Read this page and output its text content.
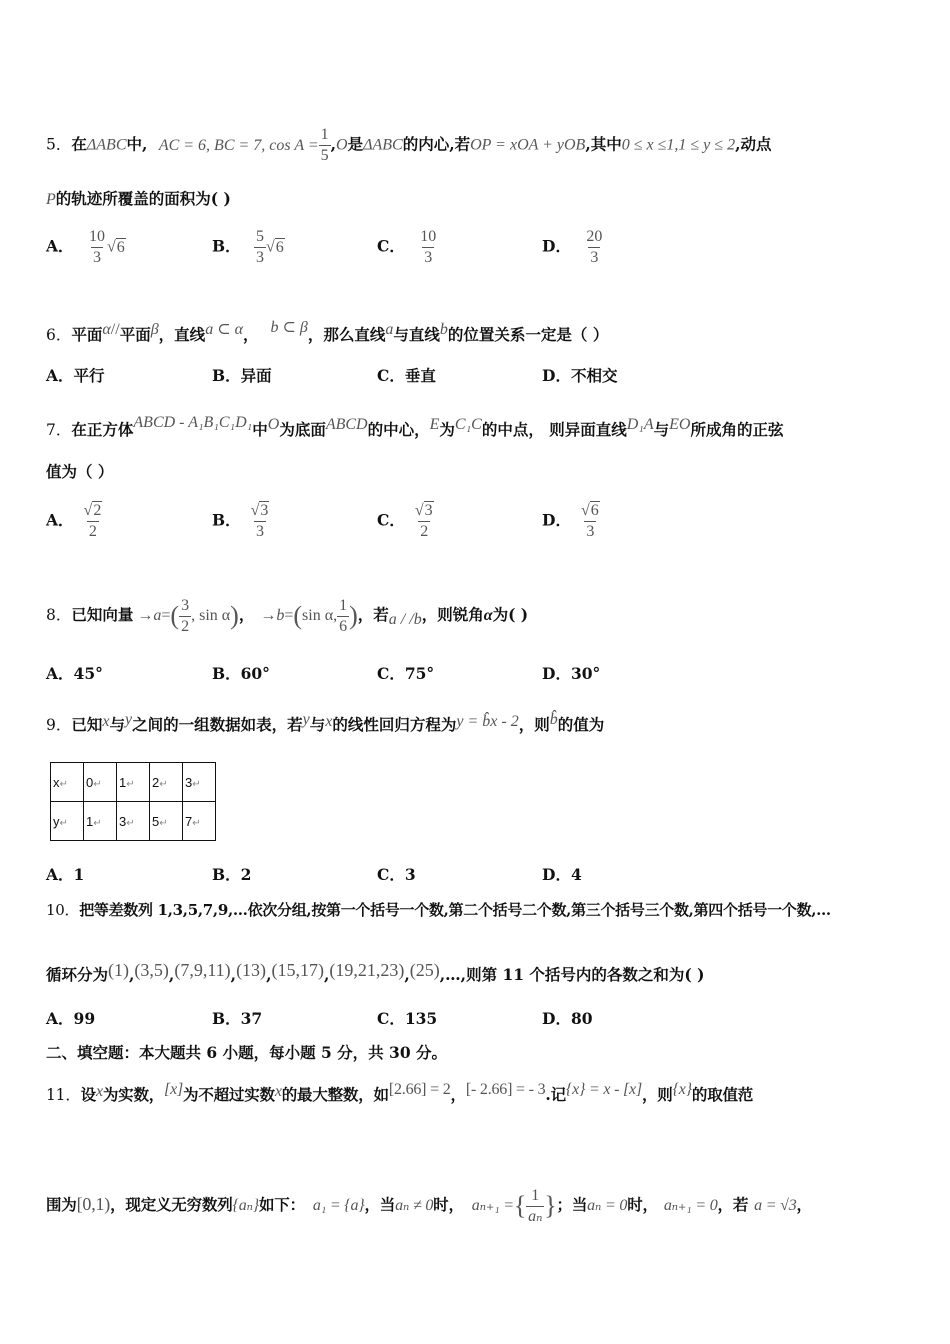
5．在ΔABC中, AC = 6, BC = 7, $\cos A = \frac{1}{5} ,O$是ΔABC的内心,若OP = xOA + yOB,其中0 ≤ x ≤1,1 ≤ y ≤ 2,动点
P的轨迹所覆盖的面积为( )
A． $\frac{10}{3} √6$	B． $\frac{5}{3} √6$	C． $\frac{10}{3}$	D． $\frac{20}{3}$
6．平面α//平面β，直线a ⊂ α， b ⊂ β，那么直线a与直线b的位置关系一定是（ ）
A．平行	B．异面	C．垂直	D．不相交
7．在正方体ABCD - A₁B₁C₁D₁中O为底面ABCD的中心，E为C₁C的中点， 则异面直线D₁A与EO所成角的正弦
值为（ ）
A． $\frac{√2}{2}$	B． $\frac{√3}{3}$	C． $\frac{√3}{2}$	D． $\frac{√6}{3}$
8．已知向量 $\to a=( \frac{3}{2}$ , sin α)， →b=(sin α, $\frac{1}{6}$ )，若a / /b，则锐角α为( )
A．45°	B．60°	C．75°	D．30°
9．已知x与y之间的一组数据如表，若y与x的线性回归方程为y = b̂x - 2，则b̂的值为
x↵	0↵	1↵	2↵	3↵
y↵	1↵	3↵	5↵	7↵
A．1	B．2	C．3	D．4
10．把等差数列 1,3,5,7,9,…依次分组,按第一个括号一个数,第二个括号二个数,第三个括号三个数,第四个括号一个数,…
循环分为(1),(3,5),(7,9,11),(13),(15,17),(19,21,23),(25),…,则第 11 个括号内的各数之和为( )
A．99	B．37	C．135	D．80
二、填空题：本大题共 6 小题，每小题 5 分，共 30 分。
11．设x为实数，[x]为不超过实数x的最大整数，如[2.66] = 2，[- 2.66] = - 3.记{x} = x - [x]，则{x}的取值范
围为[0,1)，现定义无穷数列{aₙ}如下： a₁ = {a}，当aₙ ≠ 0时， aₙ₊₁ ={ $\frac{1}{\text{aₙ}}$ }；当aₙ = 0时， aₙ₊₁ = 0，若 a = √3，
